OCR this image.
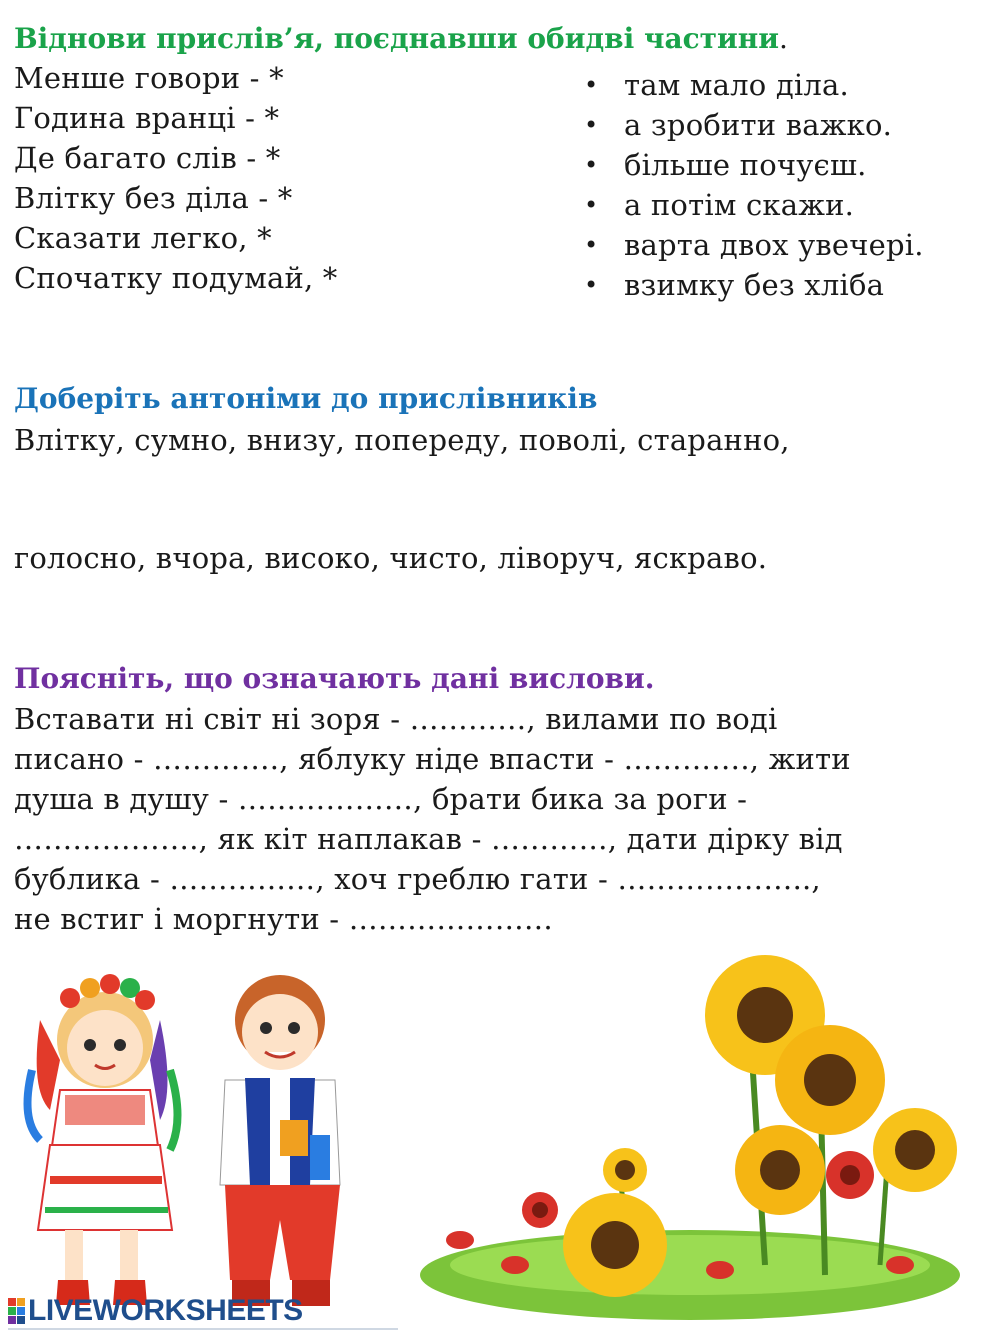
Віднови прислів’я, поєднавши обидві частини.
Менше говори - *
Година вранці - *
Де багато слів - *
Влітку без діла - *
Сказати легко, *
Спочатку подумай, *
• там мало діла.
• а зробити важко.
• більше почуєш.
• а потім скажи.
• варта двох увечері.
• взимку без хліба
Доберіть антоніми до прислівників
Влітку, сумно, внизу, попереду, поволі, старанно,
голосно, вчора, високо, чисто, ліворуч, яскраво.
Поясніть, що означають дані вислови.
Вставати ні світ ні зоря - …………, вилами по воді
писано - …………., яблуку ніде впасти - …………., жити
душа в душу - ………………, брати бика за роги -
………………., як кіт наплакав - …………, дати дірку від
бублика - ……………, хоч греблю гати - ………………..,
не встиг і моргнути - …………………
LIVEWORKSHEETS
